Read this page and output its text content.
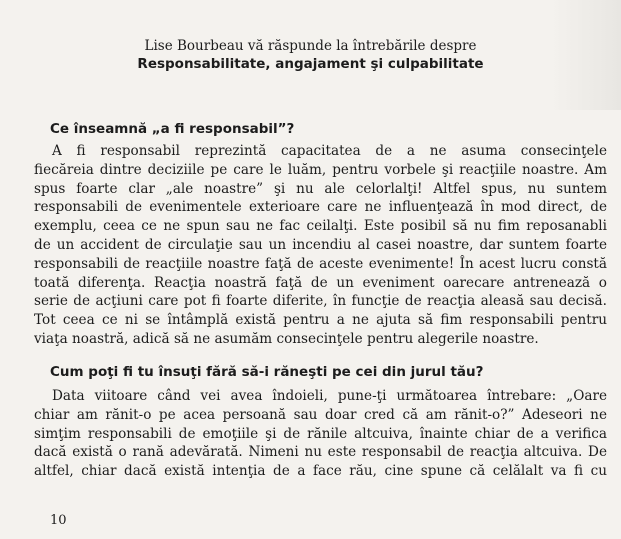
Lise Bourbeau vă răspunde la întrebările despre
Responsabilitate, angajament şi culpabilitate
Ce înseamnă „a fi responsabil”?
A fi responsabil reprezintă capacitatea de a ne asuma consecinţele
fiecăreia dintre deciziile pe care le luăm, pentru vorbele şi reacţiile noastre. Am
spus foarte clar „ale noastre” şi nu ale celorlalţi! Altfel spus, nu suntem
responsabili de evenimentele exterioare care ne influenţează în mod direct, de
exemplu, ceea ce ne spun sau ne fac ceilalţi. Este posibil să nu fim reposanabli
de un accident de circulaţie sau un incendiu al casei noastre, dar suntem foarte
responsabili de reacţiile noastre faţă de aceste evenimente! În acest lucru constă
toată diferenţa. Reacţia noastră faţă de un eveniment oarecare antrenează o
serie de acţiuni care pot fi foarte diferite, în funcţie de reacţia aleasă sau decisă.
Tot ceea ce ni se întâmplă există pentru a ne ajuta să fim responsabili pentru
viaţa noastră, adică să ne asumăm consecinţele pentru alegerile noastre.
Cum poţi fi tu însuţi fără să-i răneşti pe cei din jurul tău?
Data viitoare când vei avea îndoieli, pune-ţi următoarea întrebare: „Oare
chiar am rănit-o pe acea persoană sau doar cred că am rănit-o?” Adeseori ne
simţim responsabili de emoţiile şi de rănile altcuiva, înainte chiar de a verifica
dacă există o rană adevărată. Nimeni nu este responsabil de reacţia altcuiva. De
altfel, chiar dacă există intenţia de a face rău, cine spune că celălalt va fi cu
10
